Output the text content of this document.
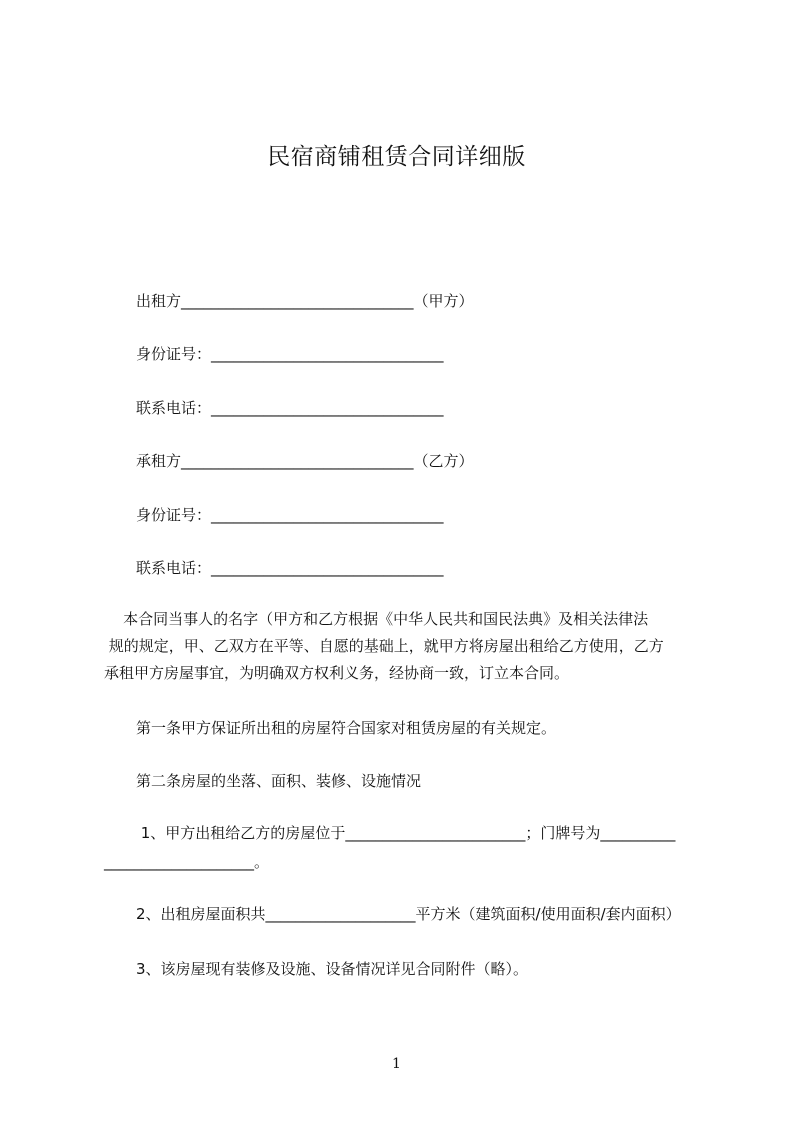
民宿商铺租赁合同详细版
出租方_______________________________（甲方）
身份证号：_______________________________
联系电话：_______________________________
承租方_______________________________（乙方）
身份证号：_______________________________
联系电话：_______________________________
本合同当事人的名字（甲方和乙方根据《中华人民共和国民法典》及相关法律法
规的规定，甲、乙双方在平等、自愿的基础上，就甲方将房屋出租给乙方使用，乙方
承租甲方房屋事宜，为明确双方权利义务，经协商一致，订立本合同。
第一条甲方保证所出租的房屋符合国家对租赁房屋的有关规定。
第二条房屋的坐落、面积、装修、设施情况
1、甲方出租给乙方的房屋位于________________________；门牌号为__________
____________________。
2、出租房屋面积共____________________平方米（建筑面积/使用面积/套内面积）
3、该房屋现有装修及设施、设备情况详见合同附件（略）。
1
